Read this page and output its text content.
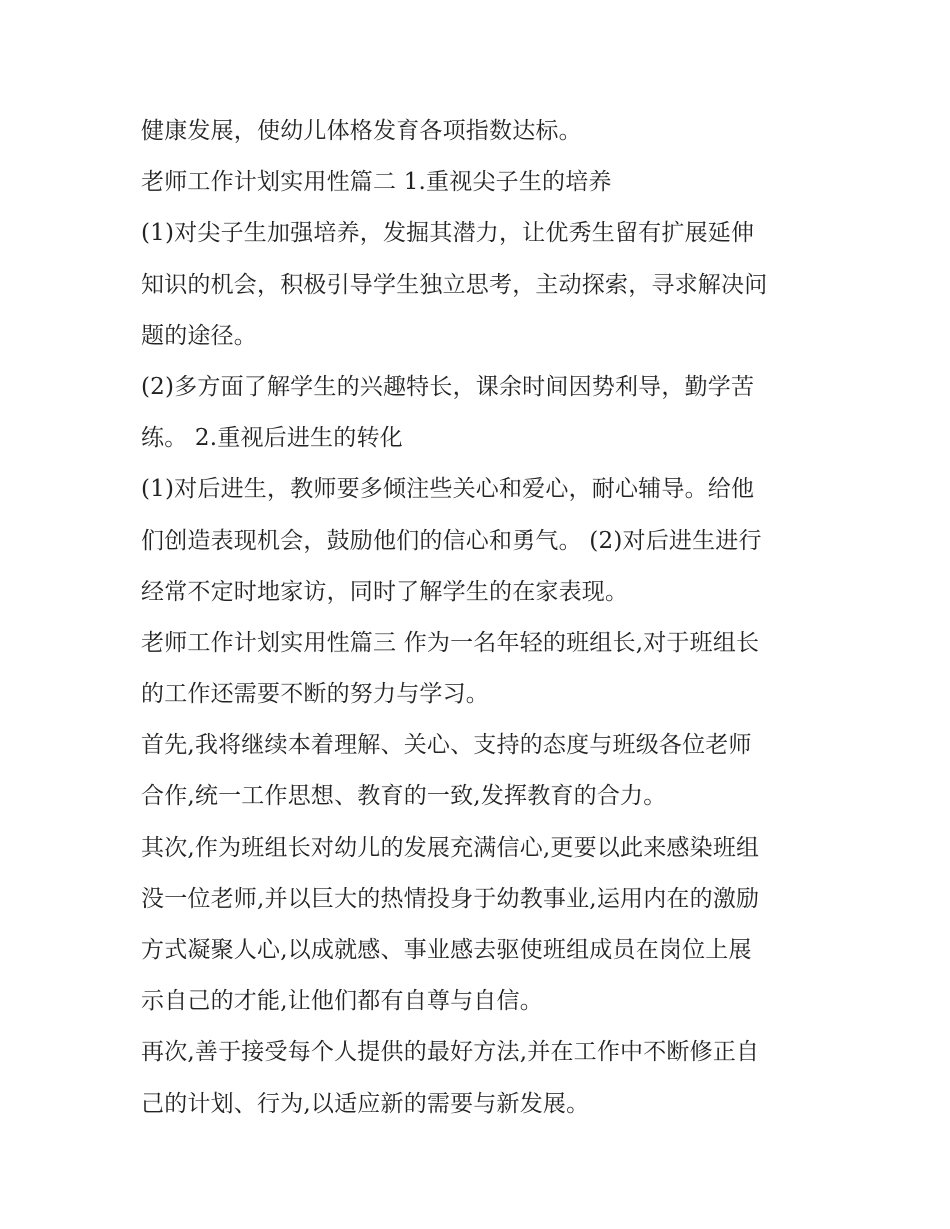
健康发展，使幼儿体格发育各项指数达标。
老师工作计划实用性篇二 1.重视尖子生的培养
(1)对尖子生加强培养，发掘其潜力，让优秀生留有扩展延伸
知识的机会，积极引导学生独立思考，主动探索，寻求解决问
题的途径。
(2)多方面了解学生的兴趣特长，课余时间因势利导，勤学苦
练。 2.重视后进生的转化
(1)对后进生，教师要多倾注些关心和爱心，耐心辅导。给他
们创造表现机会，鼓励他们的信心和勇气。 (2)对后进生进行
经常不定时地家访，同时了解学生的在家表现。
老师工作计划实用性篇三 作为一名年轻的班组长,对于班组长
的工作还需要不断的努力与学习。
首先,我将继续本着理解、关心、支持的态度与班级各位老师
合作,统一工作思想、教育的一致,发挥教育的合力。
其次,作为班组长对幼儿的发展充满信心,更要以此来感染班组
没一位老师,并以巨大的热情投身于幼教事业,运用内在的激励
方式凝聚人心,以成就感、事业感去驱使班组成员在岗位上展
示自己的才能,让他们都有自尊与自信。
再次,善于接受每个人提供的最好方法,并在工作中不断修正自
己的计划、行为,以适应新的需要与新发展。
